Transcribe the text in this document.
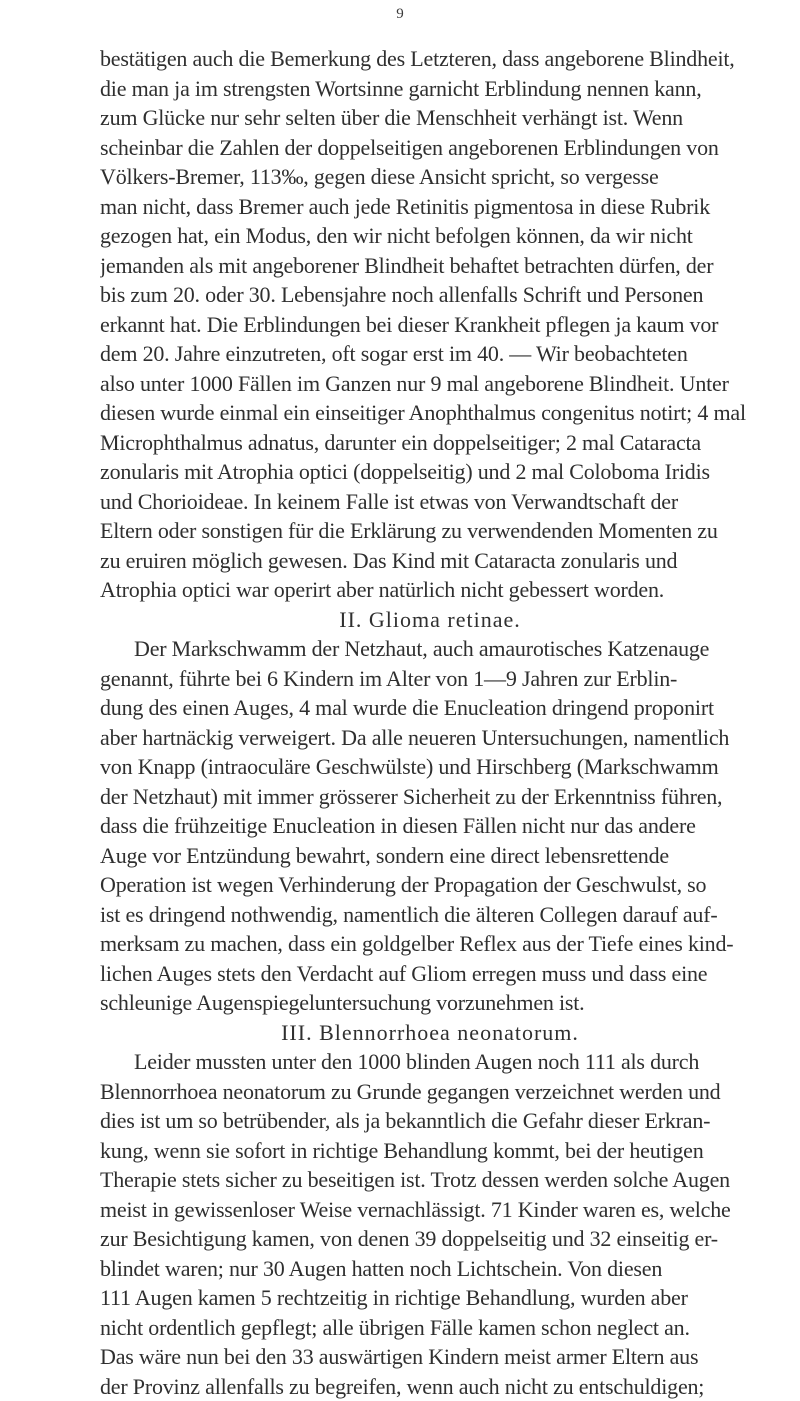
9
bestätigen auch die Bemerkung des Letzteren, dass angeborene Blindheit,
die man ja im strengsten Wortsinne garnicht Erblindung nennen kann,
zum Glücke nur sehr selten über die Menschheit verhängt ist. Wenn
scheinbar die Zahlen der doppelseitigen angeborenen Erblindungen von
Völkers-Bremer, 113‰, gegen diese Ansicht spricht, so vergesse
man nicht, dass Bremer auch jede Retinitis pigmentosa in diese Rubrik
gezogen hat, ein Modus, den wir nicht befolgen können, da wir nicht
jemanden als mit angeborener Blindheit behaftet betrachten dürfen, der
bis zum 20. oder 30. Lebensjahre noch allenfalls Schrift und Personen
erkannt hat. Die Erblindungen bei dieser Krankheit pflegen ja kaum vor
dem 20. Jahre einzutreten, oft sogar erst im 40. — Wir beobachteten
also unter 1000 Fällen im Ganzen nur 9 mal angeborene Blindheit. Unter
diesen wurde einmal ein einseitiger Anophthalmus congenitus notirt; 4 mal
Microphthalmus adnatus, darunter ein doppelseitiger; 2 mal Cataracta
zonularis mit Atrophia optici (doppelseitig) und 2 mal Coloboma Iridis
und Chorioideae. In keinem Falle ist etwas von Verwandtschaft der
Eltern oder sonstigen für die Erklärung zu verwendenden Momenten zu
zu eruiren möglich gewesen. Das Kind mit Cataracta zonularis und
Atrophia optici war operirt aber natürlich nicht gebessert worden.
II. Glioma retinae.
Der Markschwamm der Netzhaut, auch amaurotisches Katzenauge
genannt, führte bei 6 Kindern im Alter von 1—9 Jahren zur Erblin-
dung des einen Auges, 4 mal wurde die Enucleation dringend proponirt
aber hartnäckig verweigert. Da alle neueren Untersuchungen, namentlich
von Knapp (intraoculäre Geschwülste) und Hirschberg (Markschwamm
der Netzhaut) mit immer grösserer Sicherheit zu der Erkenntniss führen,
dass die frühzeitige Enucleation in diesen Fällen nicht nur das andere
Auge vor Entzündung bewahrt, sondern eine direct lebensrettende
Operation ist wegen Verhinderung der Propagation der Geschwulst, so
ist es dringend nothwendig, namentlich die älteren Collegen darauf auf-
merksam zu machen, dass ein goldgelber Reflex aus der Tiefe eines kind-
lichen Auges stets den Verdacht auf Gliom erregen muss und dass eine
schleunige Augenspiegeluntersuchung vorzunehmen ist.
III. Blennorrhoea neonatorum.
Leider mussten unter den 1000 blinden Augen noch 111 als durch
Blennorrhoea neonatorum zu Grunde gegangen verzeichnet werden und
dies ist um so betrübender, als ja bekanntlich die Gefahr dieser Erkran-
kung, wenn sie sofort in richtige Behandlung kommt, bei der heutigen
Therapie stets sicher zu beseitigen ist. Trotz dessen werden solche Augen
meist in gewissenloser Weise vernachlässigt. 71 Kinder waren es, welche
zur Besichtigung kamen, von denen 39 doppelseitig und 32 einseitig er-
blindet waren; nur 30 Augen hatten noch Lichtschein. Von diesen
111 Augen kamen 5 rechtzeitig in richtige Behandlung, wurden aber
nicht ordentlich gepflegt; alle übrigen Fälle kamen schon neglect an.
Das wäre nun bei den 33 auswärtigen Kindern meist armer Eltern aus
der Provinz allenfalls zu begreifen, wenn auch nicht zu entschuldigen;
